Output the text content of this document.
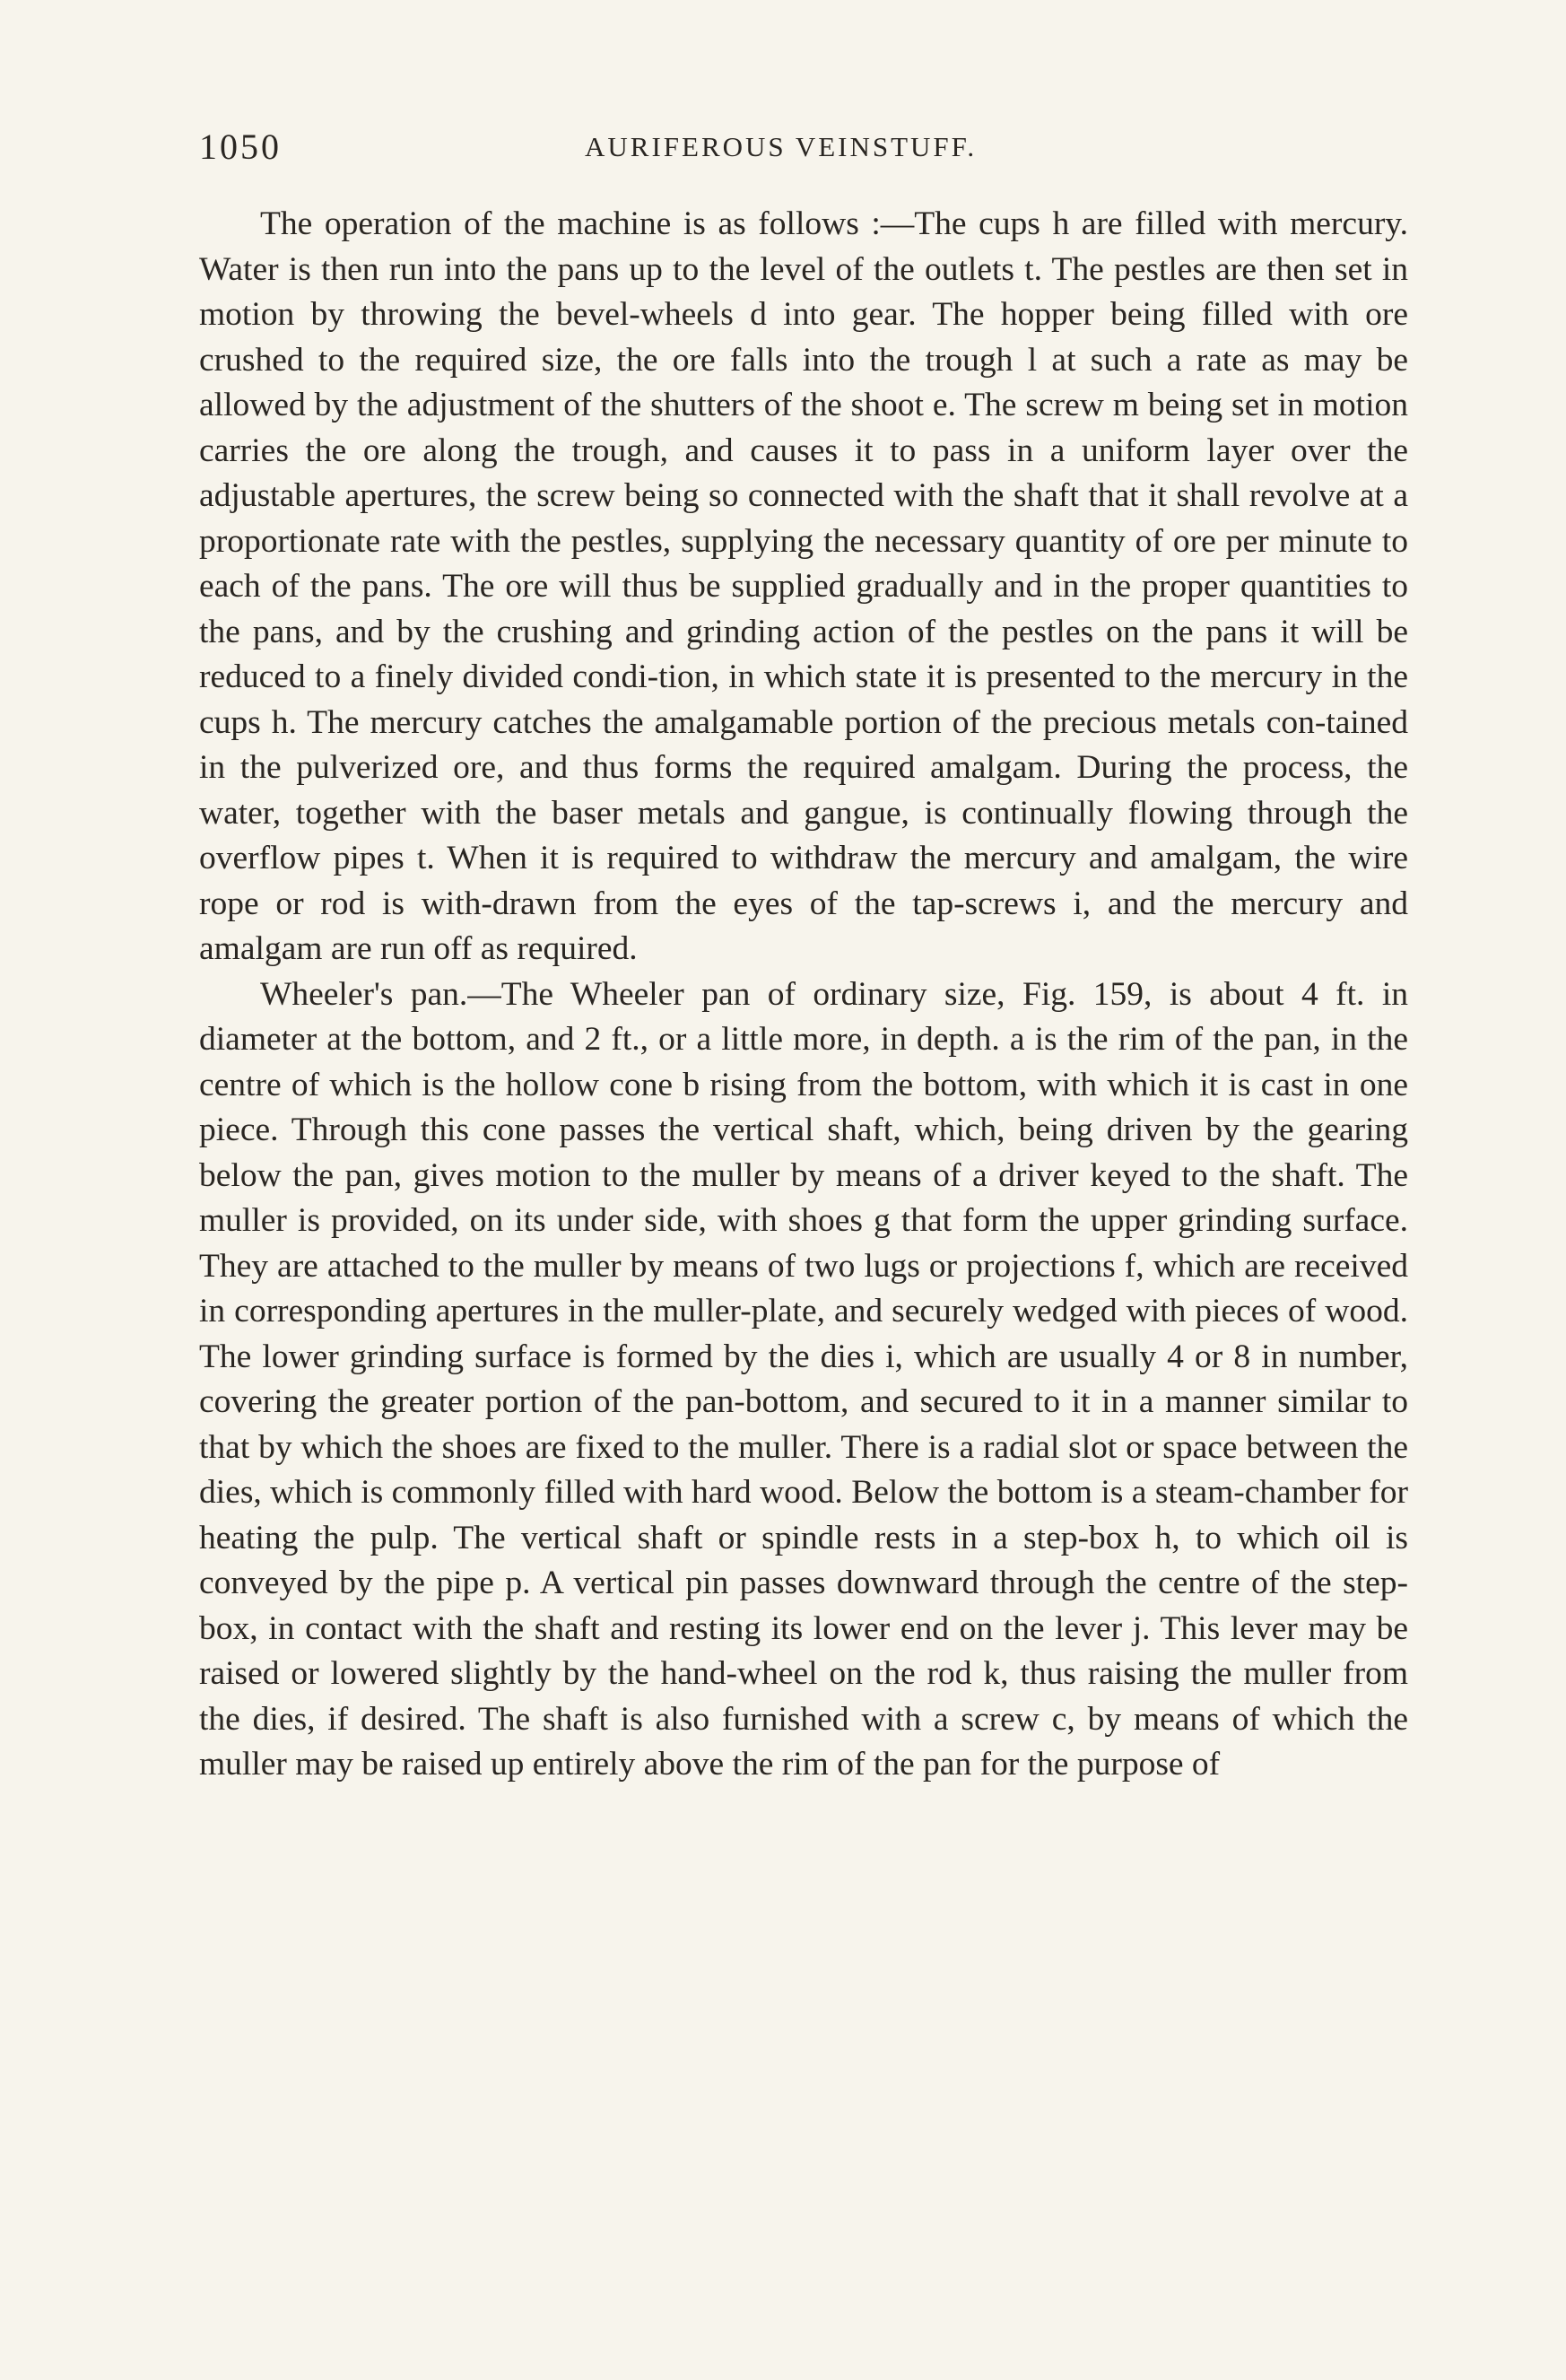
1050	AURIFEROUS VEINSTUFF.

The operation of the machine is as follows :—The cups h are filled with mercury. Water is then run into the pans up to the level of the outlets t. The pestles are then set in motion by throwing the bevel-wheels d into gear. The hopper being filled with ore crushed to the required size, the ore falls into the trough l at such a rate as may be allowed by the adjustment of the shutters of the shoot e. The screw m being set in motion carries the ore along the trough, and causes it to pass in a uniform layer over the adjustable apertures, the screw being so connected with the shaft that it shall revolve at a proportionate rate with the pestles, supplying the necessary quantity of ore per minute to each of the pans. The ore will thus be supplied gradually and in the proper quantities to the pans, and by the crushing and grinding action of the pestles on the pans it will be reduced to a finely divided condi-tion, in which state it is presented to the mercury in the cups h. The mercury catches the amalgamable portion of the precious metals con-tained in the pulverized ore, and thus forms the required amalgam. During the process, the water, together with the baser metals and gangue, is continually flowing through the overflow pipes t. When it is required to withdraw the mercury and amalgam, the wire rope or rod is with-drawn from the eyes of the tap-screws i, and the mercury and amalgam are run off as required.

Wheeler's pan.—The Wheeler pan of ordinary size, Fig. 159, is about 4 ft. in diameter at the bottom, and 2 ft., or a little more, in depth. a is the rim of the pan, in the centre of which is the hollow cone b rising from the bottom, with which it is cast in one piece. Through this cone passes the vertical shaft, which, being driven by the gearing below the pan, gives motion to the muller by means of a driver keyed to the shaft. The muller is provided, on its under side, with shoes g that form the upper grinding surface. They are attached to the muller by means of two lugs or projections f, which are received in corresponding apertures in the muller-plate, and securely wedged with pieces of wood. The lower grinding surface is formed by the dies i, which are usually 4 or 8 in number, covering the greater portion of the pan-bottom, and secured to it in a manner similar to that by which the shoes are fixed to the muller. There is a radial slot or space between the dies, which is commonly filled with hard wood. Below the bottom is a steam-chamber for heating the pulp. The vertical shaft or spindle rests in a step-box h, to which oil is conveyed by the pipe p. A vertical pin passes downward through the centre of the step-box, in contact with the shaft and resting its lower end on the lever j. This lever may be raised or lowered slightly by the hand-wheel on the rod k, thus raising the muller from the dies, if desired. The shaft is also furnished with a screw c, by means of which the muller may be raised up entirely above the rim of the pan for the purpose of
